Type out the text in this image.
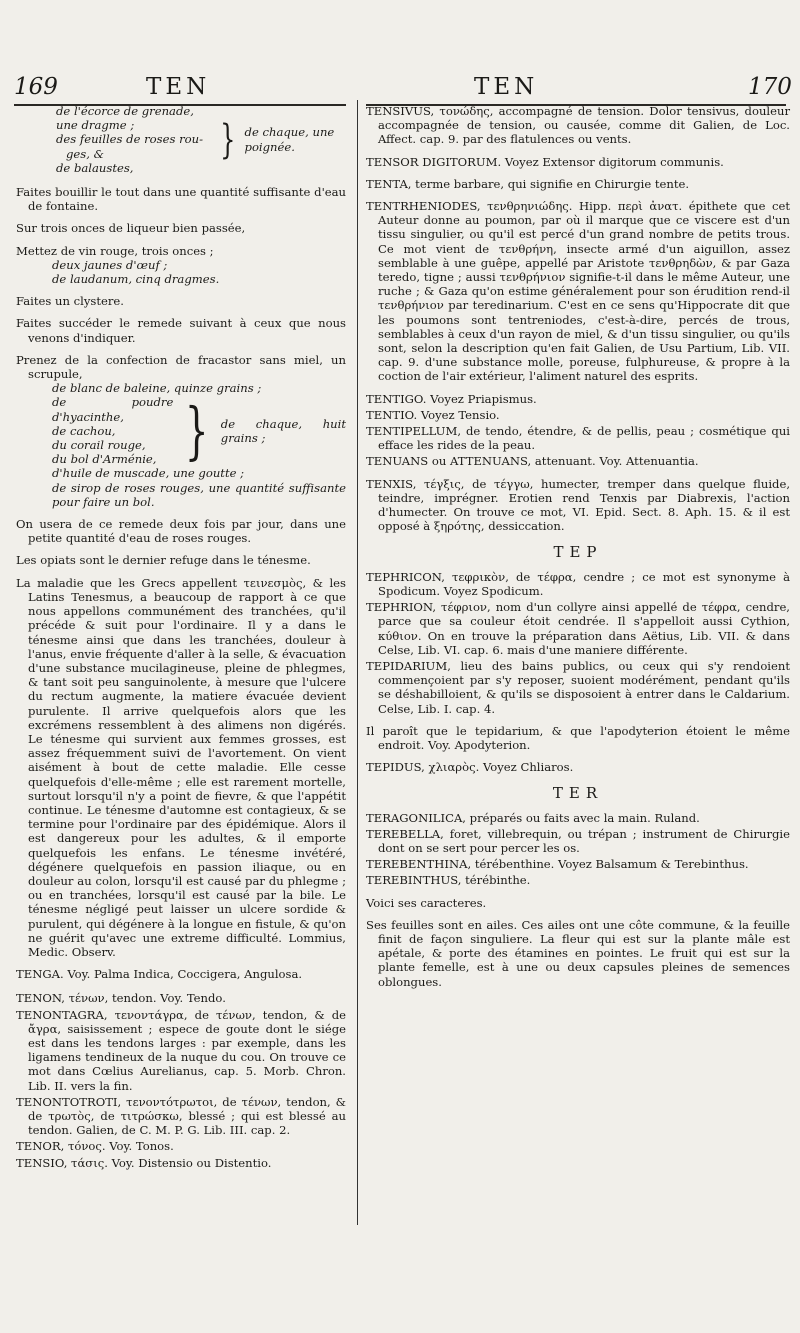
169	TEN	TEN	170
de l'écorce de grenade, une dragme ;
des feuilles de roses rou-
ges, &
de balaustes,
} de chaque, une poignée.

Faites bouillir le tout dans une quantité suffisante d'eau de fontaine.

Sur trois onces de liqueur bien passée,

Mettez de vin rouge, trois onces ;
deux jaunes d'œuf ;
de laudanum, cinq dragmes.

Faites un clystere.

Faites succéder le remede suivant à ceux que nous venons d'indiquer.

Prenez de la confection de fracastor sans miel, un scrupule,
de blanc de baleine, quinze grains ;
de poudre d'hyacinthe,
de cachou,
du corail rouge,
du bol d'Arménie, } de chaque, huit grains ;
d'huile de muscade, une goutte ;
de sirop de roses rouges, une quantité suffisante pour faire un bol.

On usera de ce remede deux fois par jour, dans une petite quantité d'eau de roses rouges.

Les opiats sont le dernier refuge dans le ténesme.

La maladie que les Grecs appellent τεινεσμὸς, & les Latins Tenesmus, a beaucoup de rapport à ce que nous appellons communément des tranchées, qu'il précéde & suit pour l'ordinaire. Il y a dans le ténesme ainsi que dans les tranchées, douleur à l'anus, envie fréquente d'aller à la selle, & évacuation d'une substance mucilagineuse, pleine de phlegmes, & tant soit peu sanguinolente, à mesure que l'ulcere du rectum augmente, la matiere évacuée devient purulente. Il arrive quelquefois alors que les excrémens ressemblent à des alimens non digérés. Le ténesme qui survient aux femmes grosses, est assez fréquemment suivi de l'avortement. On vient aisément à bout de cette maladie. Elle cesse quelquefois d'elle-même ; elle est rarement mortelle, surtout lorsqu'il n'y a point de fievre, & que l'appétit continue. Le ténesme d'automne est contagieux, & se termine pour l'ordinaire par des épidémique. Alors il est dangereux pour les adultes, & il emporte quelquefois les enfans. Le ténesme invétéré, dégénere quelquefois en passion iliaque, ou en douleur au colon, lorsqu'il est causé par du phlegme ; ou en tranchées, lorsqu'il est causé par la bile. Le ténesme négligé peut laisser un ulcere sordide & purulent, qui dégénere à la longue en fistule, & qu'on ne guérit qu'avec une extreme difficulté. Lommius, Medic. Observ.

TENGA. Voy. Palma Indica, Coccigera, Angulosa.

TENON, τένων, tendon. Voy. Tendo.

TENONTAGRA, τενοντάγρα, de τένων, tendon, & de ἄγρα, saisissement ; espece de goute dont le siége est dans les tendons larges : par exemple, dans les ligamens tendineux de la nuque du cou. On trouve ce mot dans Cœlius Aurelianus, cap. 5. Morb. Chron. Lib. II. vers la fin.

TENONTOTROTI, τενοντότρωτοι, de τένων, tendon, & de τρωτὸς, de τιτρώσκω, blessé ; qui est blessé au tendon. Galien, de C. M. P. G. Lib. III. cap. 2.

TENOR, τόνος. Voy. Tonos.

TENSIO, τάσις. Voy. Distensio ou Distentio.

TENSIVUS, τονώδης, accompagné de tension. Dolor tensivus, douleur accompagnée de tension, ou causée, comme dit Galien, de Loc. Affect. cap. 9. par des flatulences ou vents.

TENSOR DIGITORUM. Voyez Extensor digitorum communis.

TENTA, terme barbare, qui signifie en Chirurgie tente.

TENTRHENIODES, τενθρηνιώδης. Hipp. περὶ ἀνατ. épithete que cet Auteur donne au poumon, par où il marque que ce viscere est d'un tissu singulier, ou qu'il est percé d'un grand nombre de petits trous. Ce mot vient de τενθρήνη, insecte armé d'un aiguillon, assez semblable à une guêpe, appellé par Aristote τενθρηδὼν, & par Gaza teredo, tigne ; aussi τενθρήνιον signifie-t-il dans le même Auteur, une ruche ; & Gaza qu'on estime généralement pour son érudition rend-il τενθρήνιον par teredinarium. C'est en ce sens qu'Hippocrate dit que les poumons sont tentreniodes, c'est-à-dire, percés de trous, semblables à ceux d'un rayon de miel, & d'un tissu singulier, ou qu'ils sont, selon la description qu'en fait Galien, de Usu Partium, Lib. VII. cap. 9. d'une substance molle, poreuse, fulphureuse, & propre à la coction de l'air extérieur, l'aliment naturel des esprits.

TENTIGO. Voyez Priapismus.

TENTIO. Voyez Tensio.

TENTIPELLUM, de tendo, étendre, & de pellis, peau ; cosmétique qui efface les rides de la peau.

TENUANS ou ATTENUANS, attenuant. Voy. Attenuantia.

TENXIS, τέγξις, de τέγγω, humecter, tremper dans quelque fluide, teindre, imprégner. Erotien rend Tenxis par Diabrexis, l'action d'humecter. On trouve ce mot, VI. Epid. Sect. 8. Aph. 15. & il est opposé à ξηρότης, dessiccation.

TEP

TEPHRICON, τεφρικὸν, de τέφρα, cendre ; ce mot est synonyme à Spodicum. Voyez Spodicum.

TEPHRION, τέφριον, nom d'un collyre ainsi appellé de τέφρα, cendre, parce que sa couleur étoit cendrée. Il s'appelloit aussi Cythion, κύθιον. On en trouve la préparation dans Aëtius, Lib. VII. & dans Celse, Lib. VI. cap. 6. mais d'une maniere différente.

TEPIDARIUM, lieu des bains publics, ou ceux qui s'y rendoient commençoient par s'y reposer, suoient modérément, pendant qu'ils se déshabilloient, & qu'ils se disposoient à entrer dans le Caldarium. Celse, Lib. I. cap. 4.

Il paroît que le tepidarium, & que l'apodyterion étoient le même endroit. Voy. Apodyterion.

TEPIDUS, χλιαρὸς. Voyez Chliaros.

TER

TERAGONILICA, préparés ou faits avec la main. Ruland.

TEREBELLA, foret, villebrequin, ou trépan ; instrument de Chirurgie dont on se sert pour percer les os.

TEREBENTHINA, térébenthine. Voyez Balsamum & Terebinthus.

TEREBINTHUS, térébinthe.

Voici ses caracteres.

Ses feuilles sont en ailes. Ces ailes ont une côte commune, & la feuille finit de façon singuliere. La fleur qui est sur la plante mâle est apétale, & porte des étamines en pointes. Le fruit qui est sur la plante femelle, est à une ou deux capsules pleines de semences oblongues.
